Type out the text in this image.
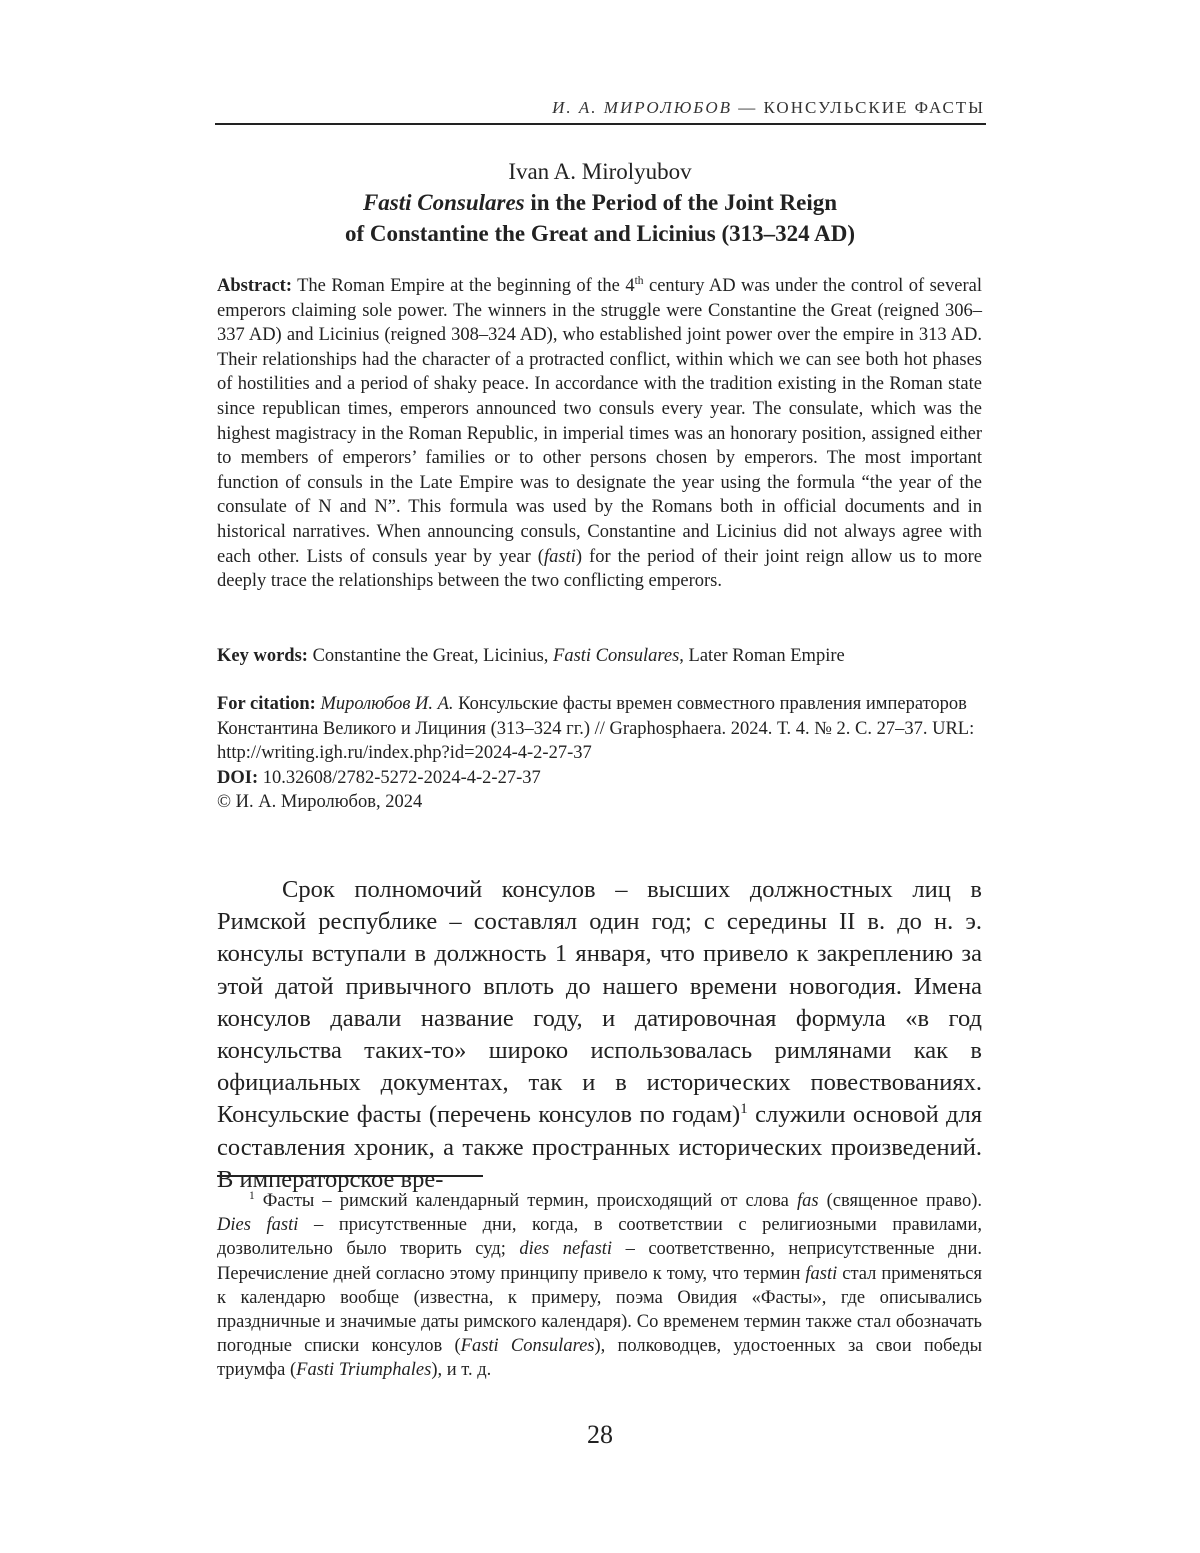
И. А. МИРОЛЮБОВ — КОНСУЛЬСКИЕ ФАСТЫ
Ivan A. Mirolyubov
Fasti Consulares in the Period of the Joint Reign
of Constantine the Great and Licinius (313–324 AD)
Abstract: The Roman Empire at the beginning of the 4th century AD was under the control of several emperors claiming sole power. The winners in the struggle were Constantine the Great (reigned 306–337 AD) and Licinius (reigned 308–324 AD), who established joint power over the empire in 313 AD. Their relationships had the character of a protracted conflict, within which we can see both hot phases of hostilities and a period of shaky peace. In accordance with the tradition existing in the Roman state since republican times, emperors announced two consuls every year. The consulate, which was the highest magistracy in the Roman Republic, in imperial times was an honorary position, assigned either to members of emperors’ families or to other persons chosen by emperors. The most important function of consuls in the Late Empire was to designate the year using the formula “the year of the consulate of N and N”. This formula was used by the Romans both in official documents and in historical narratives. When announcing consuls, Constantine and Licinius did not always agree with each other. Lists of consuls year by year (fasti) for the period of their joint reign allow us to more deeply trace the relationships between the two conflicting emperors.
Key words: Constantine the Great, Licinius, Fasti Consulares, Later Roman Empire
For citation: Миролюбов И. А. Консульские фасты времен совместного правления императоров Константина Великого и Лициния (313–324 гг.) // Graphosphaera. 2024. Т. 4. № 2. С. 27–37. URL: http://writing.igh.ru/index.php?id=2024-4-2-27-37
DOI: 10.32608/2782-5272-2024-4-2-27-37
© И. А. Миролюбов, 2024
Срок полномочий консулов – высших должностных лиц в Римской республике – составлял один год; с середины II в. до н. э. консулы вступали в должность 1 января, что привело к закреплению за этой датой привычного вплоть до нашего времени новогодия. Имена консулов давали название году, и датировочная формула «в год консульства таких-то» широко использовалась римлянами как в официальных документах, так и в исторических повествованиях. Консульские фасты (перечень консулов по годам)1 служили основой для составления хроник, а также пространных исторических произведений. В императорское вре-
1 Фасты – римский календарный термин, происходящий от слова fas (священное право). Dies fasti – присутственные дни, когда, в соответствии с религиозными правилами, дозволительно было творить суд; dies nefasti – соответственно, неприсутственные дни. Перечисление дней согласно этому принципу привело к тому, что термин fasti стал применяться к календарю вообще (известна, к примеру, поэма Овидия «Фасты», где описывались праздничные и значимые даты римского календаря). Со временем термин также стал обозначать погодные списки консулов (Fasti Consulares), полководцев, удостоенных за свои победы триумфа (Fasti Triumphales), и т. д.
28
